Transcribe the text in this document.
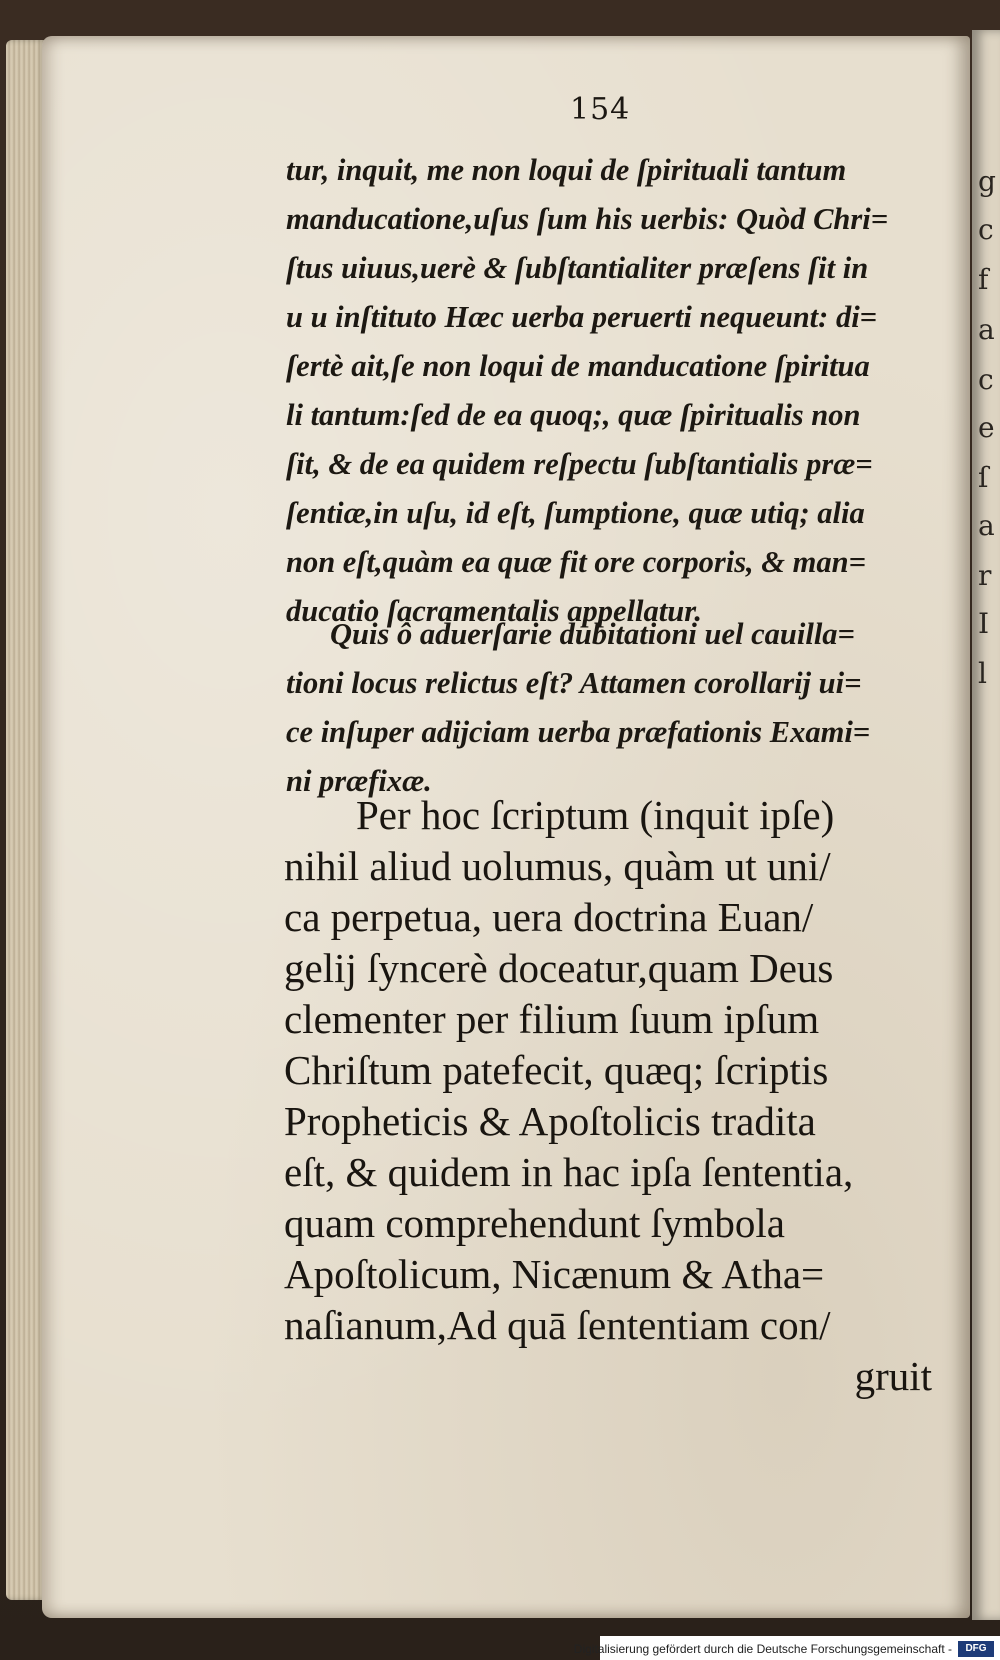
g
c
f
a
c
e
ſ
a
r
I
l
154
tur, inquit, me non loqui de ſpirituali tantum
manducatione,uſus ſum his uerbis: Quòd Chri=
ſtus uiuus,uerè & ſubſtantialiter præſens ſit in
u u inſtituto Hæc uerba peruerti nequeunt: di=
ſertè ait,ſe non loqui de manducatione ſpiritua
li tantum:ſed de ea quoq;, quæ ſpiritualis non
ſit, & de ea quidem reſpectu ſubſtantialis præ=
ſentiæ,in uſu, id eſt, ſumptione, quæ utiq; alia
non eſt,quàm ea quæ fit ore corporis, & man=
ducatio ſacramentalis appellatur.
Quis ô aduerſarie dubitationi uel cauilla=
tioni locus relictus eſt? Attamen corollarij ui=
ce inſuper adijciam uerba præfationis Exami=
ni præfixæ.
Per hoc ſcriptum (inquit ipſe)
nihil aliud uolumus, quàm ut uni/
ca perpetua, uera doctrina Euan/
gelij ſyncerè doceatur,quam Deus
clementer per filium ſuum ipſum
Chriſtum patefecit, quæq; ſcriptis
Propheticis & Apoſtolicis tradita
eſt, & quidem in hac ipſa ſententia,
quam comprehendunt ſymbola
Apoſtolicum, Nicænum & Atha=
naſianum,Ad quā ſententiam con/
gruit
Digitalisierung gefördert durch die Deutsche Forschungsgemeinschaft -	DFG
